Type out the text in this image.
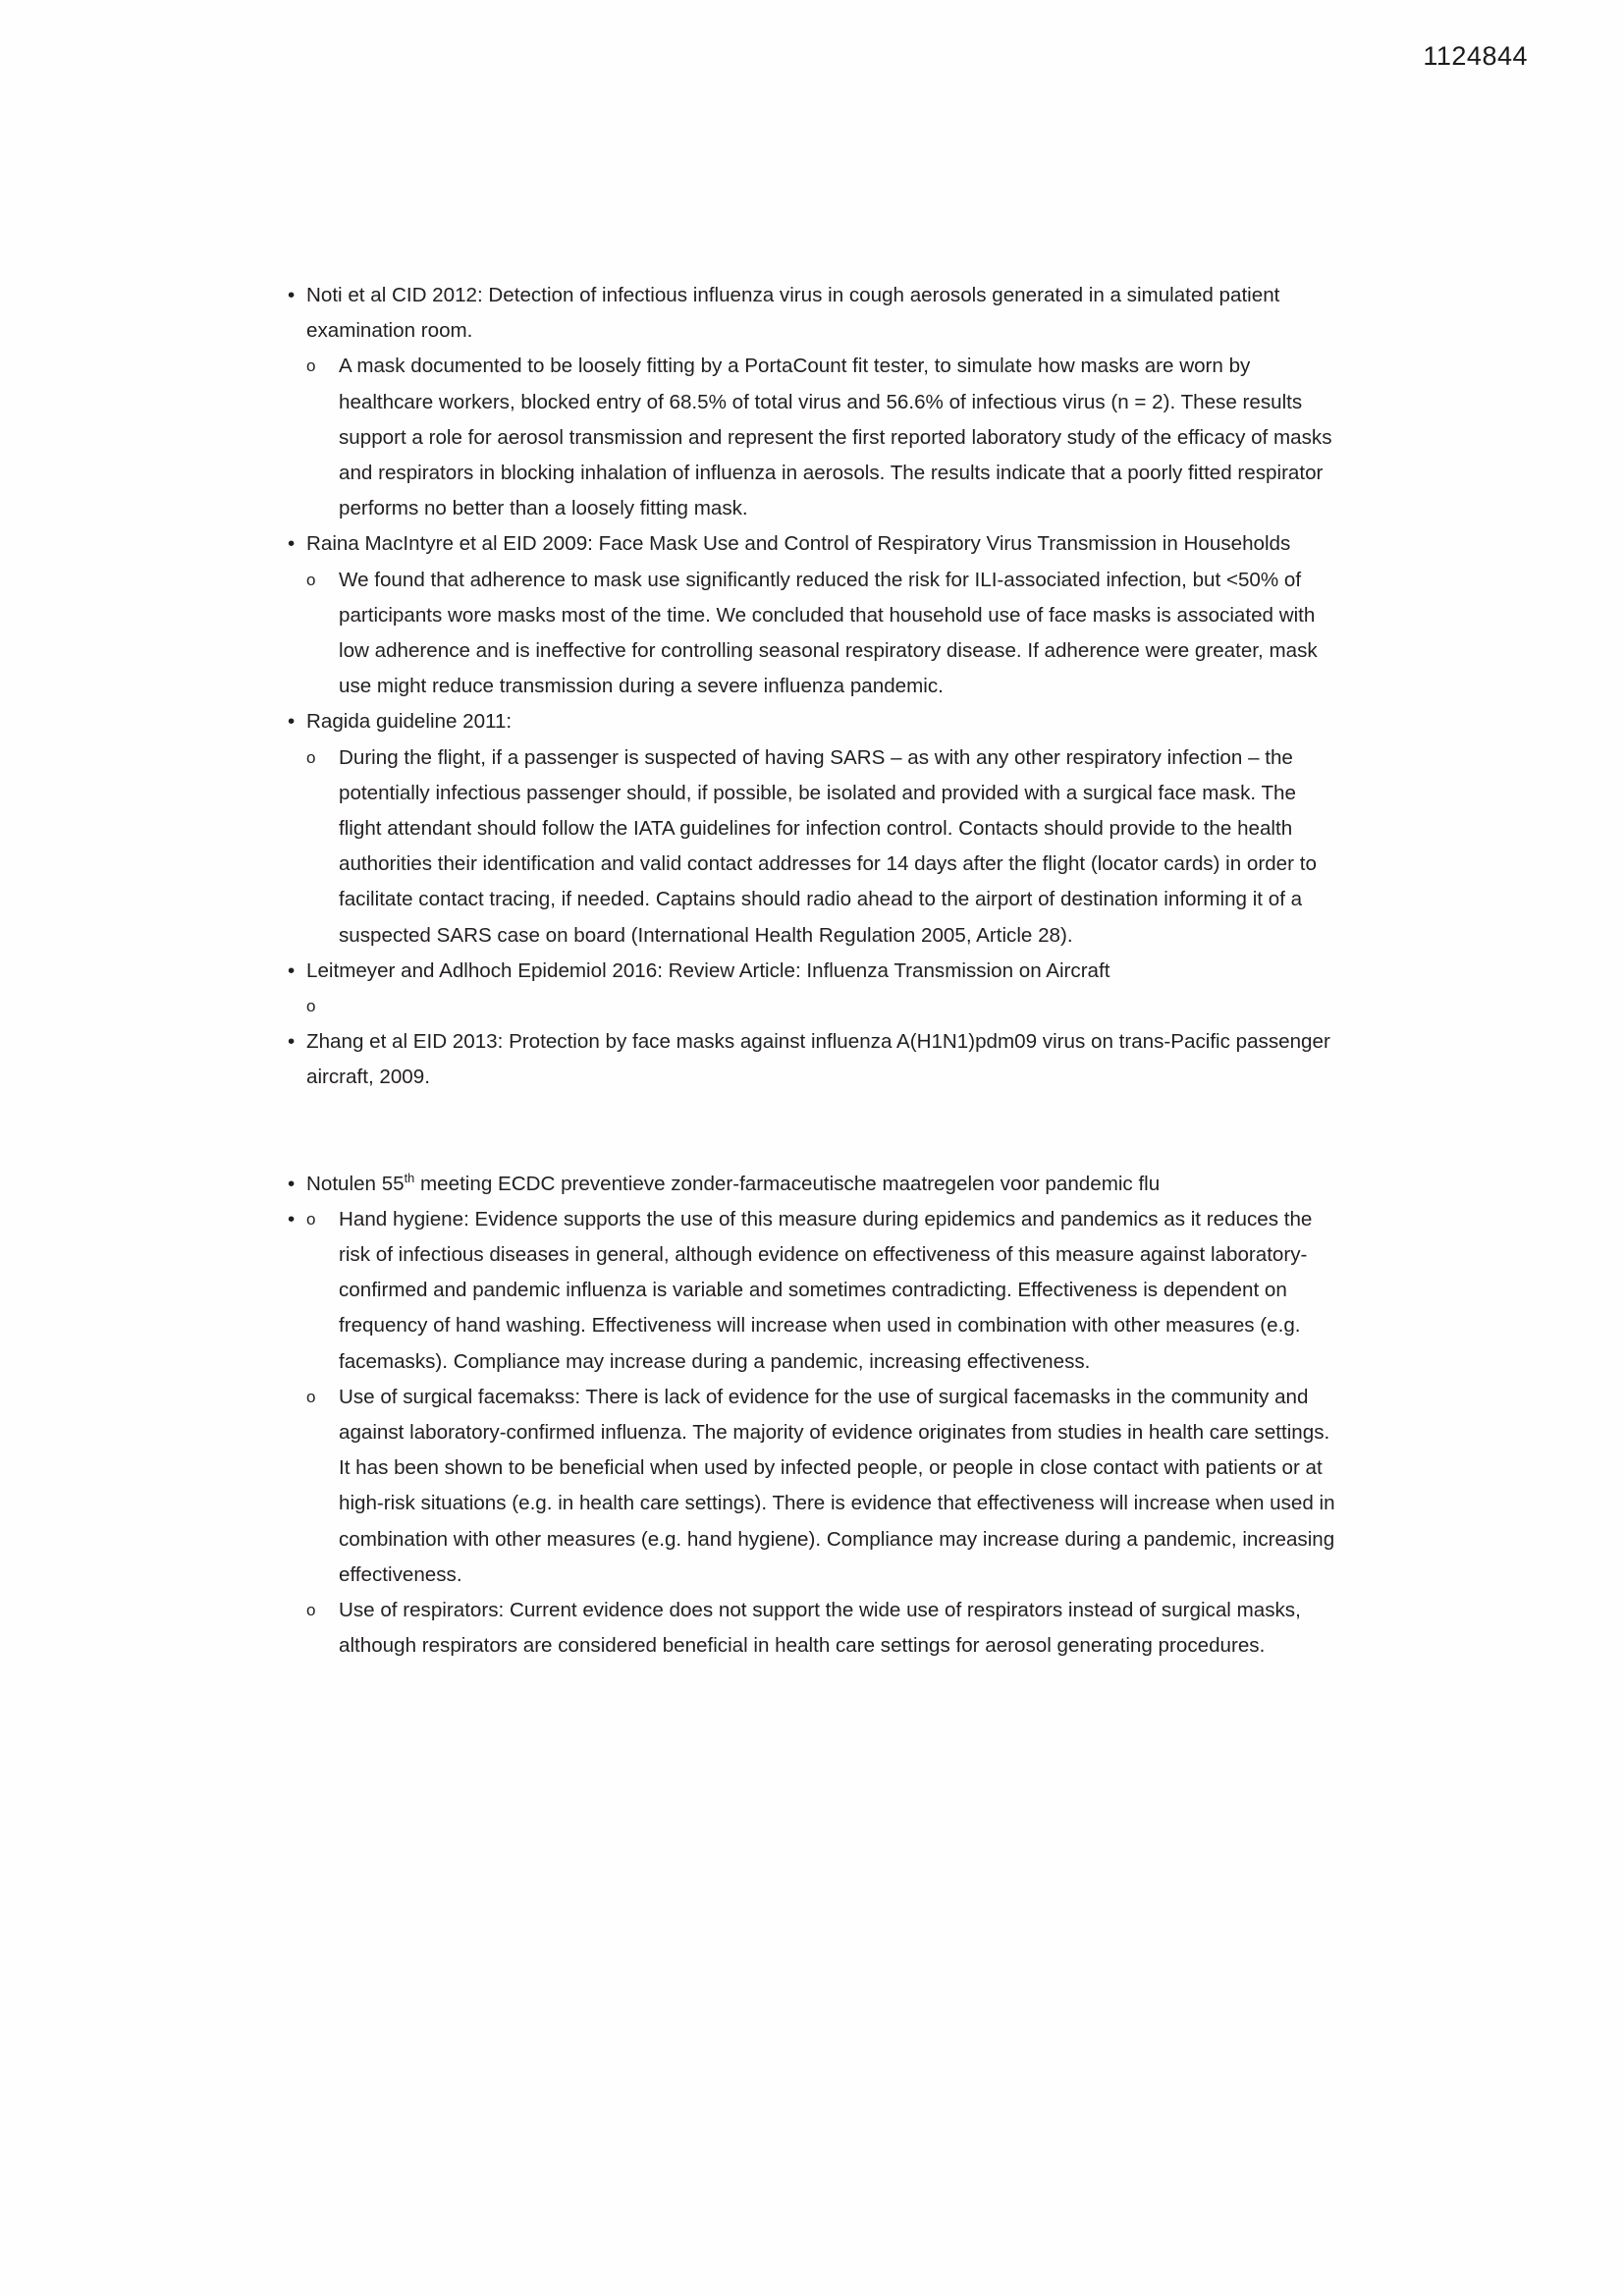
1124844
• Noti et al CID 2012: Detection of infectious influenza virus in cough aerosols generated in a simulated patient examination room.
o A mask documented to be loosely fitting by a PortaCount fit tester, to simulate how masks are worn by healthcare workers, blocked entry of 68.5% of total virus and 56.6% of infectious virus (n = 2). These results support a role for aerosol transmission and represent the first reported laboratory study of the efficacy of masks and respirators in blocking inhalation of influenza in aerosols. The results indicate that a poorly fitted respirator performs no better than a loosely fitting mask.
• Raina MacIntyre et al EID 2009: Face Mask Use and Control of Respiratory Virus Transmission in Households
o We found that adherence to mask use significantly reduced the risk for ILI-associated infection, but <50% of participants wore masks most of the time. We concluded that household use of face masks is associated with low adherence and is ineffective for controlling seasonal respiratory disease. If adherence were greater, mask use might reduce transmission during a severe influenza pandemic.
• Ragida guideline 2011:
o During the flight, if a passenger is suspected of having SARS – as with any other respiratory infection – the potentially infectious passenger should, if possible, be isolated and provided with a surgical face mask. The flight attendant should follow the IATA guidelines for infection control. Contacts should provide to the health authorities their identification and valid contact addresses for 14 days after the flight (locator cards) in order to facilitate contact tracing, if needed. Captains should radio ahead to the airport of destination informing it of a suspected SARS case on board (International Health Regulation 2005, Article 28).
• Leitmeyer and Adlhoch Epidemiol 2016: Review Article: Influenza Transmission on Aircraft
o
• Zhang et al EID 2013: Protection by face masks against influenza A(H1N1)pdm09 virus on trans-Pacific passenger aircraft, 2009.
• Notulen 55th meeting ECDC preventieve zonder-farmaceutische maatregelen voor pandemic flu
• o Hand hygiene: Evidence supports the use of this measure during epidemics and pandemics as it reduces the risk of infectious diseases in general, although evidence on effectiveness of this measure against laboratory-confirmed and pandemic influenza is variable and sometimes contradicting. Effectiveness is dependent on frequency of hand washing. Effectiveness will increase when used in combination with other measures (e.g. facemasks). Compliance may increase during a pandemic, increasing effectiveness.
o Use of surgical facemakss: There is lack of evidence for the use of surgical facemasks in the community and against laboratory-confirmed influenza. The majority of evidence originates from studies in health care settings. It has been shown to be beneficial when used by infected people, or people in close contact with patients or at high-risk situations (e.g. in health care settings). There is evidence that effectiveness will increase when used in combination with other measures (e.g. hand hygiene). Compliance may increase during a pandemic, increasing effectiveness.
o Use of respirators: Current evidence does not support the wide use of respirators instead of surgical masks, although respirators are considered beneficial in health care settings for aerosol generating procedures.
